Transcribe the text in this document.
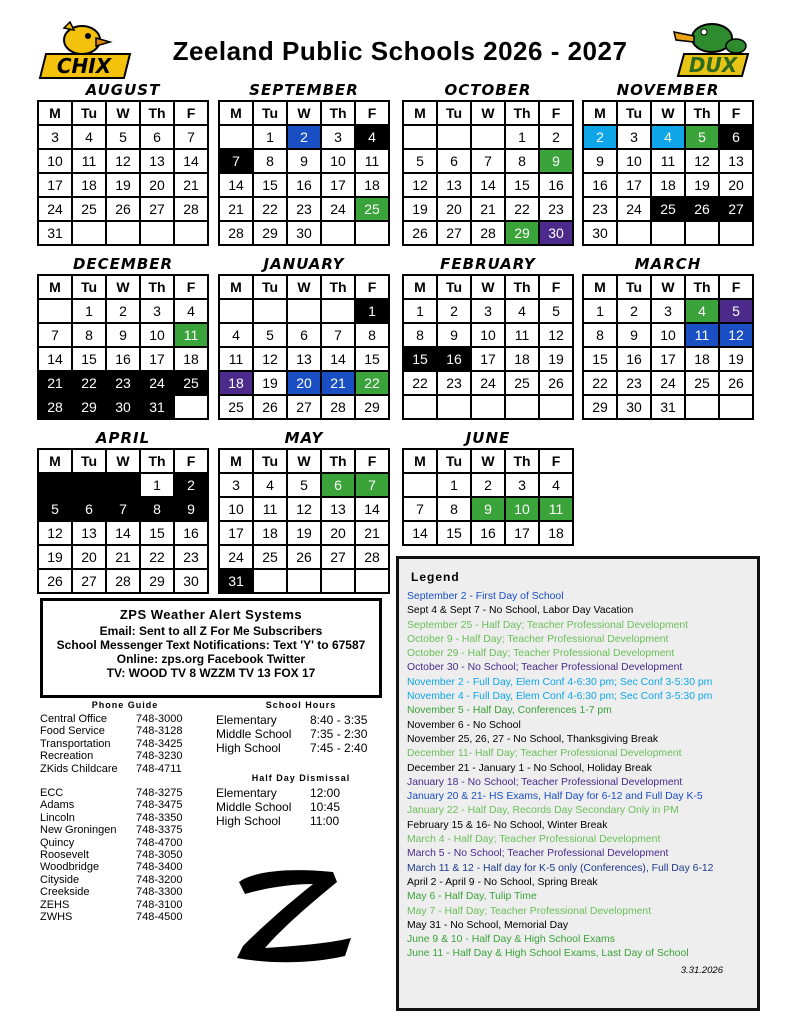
CHIX	Zeeland Public Schools 2026 - 2027	DUX
AUGUST
M	Tu	W	Th	F
3	4	5	6	7
10	11	12	13	14
17	18	19	20	21
24	25	26	27	28
31				
SEPTEMBER
M	Tu	W	Th	F
	1	2	3	4
7	8	9	10	11
14	15	16	17	18
21	22	23	24	25
28	29	30		
OCTOBER
M	Tu	W	Th	F
			1	2
5	6	7	8	9
12	13	14	15	16
19	20	21	22	23
26	27	28	29	30
NOVEMBER
M	Tu	W	Th	F
2	3	4	5	6
9	10	11	12	13
16	17	18	19	20
23	24	25	26	27
30				
DECEMBER
M	Tu	W	Th	F
	1	2	3	4
7	8	9	10	11
14	15	16	17	18
21	22	23	24	25
28	29	30	31	
JANUARY
M	Tu	W	Th	F
				1
4	5	6	7	8
11	12	13	14	15
18	19	20	21	22
25	26	27	28	29
FEBRUARY
M	Tu	W	Th	F
1	2	3	4	5
8	9	10	11	12
15	16	17	18	19
22	23	24	25	26

MARCH
M	Tu	W	Th	F
1	2	3	4	5
8	9	10	11	12
15	16	17	18	19
22	23	24	25	26
29	30	31		
APRIL
M	Tu	W	Th	F
			1	2
5	6	7	8	9
12	13	14	15	16
19	20	21	22	23
26	27	28	29	30
MAY
M	Tu	W	Th	F
3	4	5	6	7
10	11	12	13	14
17	18	19	20	21
24	25	26	27	28
31				
JUNE
M	Tu	W	Th	F
	1	2	3	4
7	8	9	10	11
14	15	16	17	18
ZPS Weather Alert Systems
Email: Sent to all Z For Me Subscribers
School Messenger Text Notifications: Text 'Y' to 67587
Online: zps.org Facebook Twitter
TV: WOOD TV 8 WZZM TV 13 FOX 17
Phone Guide
Central Office	748-3000
Food Service	748-3128
Transportation	748-3425
Recreation	748-3230
ZKids Childcare	748-4711
ECC	748-3275
Adams	748-3475
Lincoln	748-3350
New Groningen	748-3375
Quincy	748-4700
Roosevelt	748-3050
Woodbridge	748-3400
Cityside	748-3200
Creekside	748-3300
ZEHS	748-3100
ZWHS	748-4500
School Hours
Elementary	8:40 - 3:35
Middle School	7:35 - 2:30
High School	7:45 - 2:40
Half Day Dismissal
Elementary	12:00
Middle School	10:45
High School	11:00
Legend
September 2 - First Day of School
Sept 4 & Sept 7 - No School, Labor Day Vacation
September 25 - Half Day; Teacher Professional Development
October 9 - Half Day; Teacher Professional Development
October 29 - Half Day; Teacher Professional Development
October 30 - No School; Teacher Professional Development
November 2 - Full Day, Elem Conf 4-6:30 pm; Sec Conf 3-5:30 pm
November 4 - Full Day, Elem Conf 4-6:30 pm; Sec Conf 3-5:30 pm
November 5 - Half Day, Conferences 1-7 pm
November 6 - No School
November 25, 26, 27 - No School, Thanksgiving Break
December 11- Half Day; Teacher Professional Development
December 21 - January 1 - No School, Holiday Break
January 18 - No School; Teacher Professional Development
January 20 & 21- HS Exams, Half Day for 6-12 and Full Day K-5
January 22 - Half Day, Records Day Secondary Only in PM
February 15 & 16- No School, Winter Break
March 4 - Half Day; Teacher Professional Development
March 5 - No School; Teacher Professional Development
March 11 & 12 - Half day for K-5 only (Conferences), Full Day 6-12
April 2 - April 9 - No School, Spring Break
May 6 - Half Day, Tulip Time
May 7 - Half Day; Teacher Professional Development
May 31 - No School, Memorial Day
June 9 & 10 - Half Day & High School Exams
June 11 - Half Day & High School Exams, Last Day of School
3.31.2026
